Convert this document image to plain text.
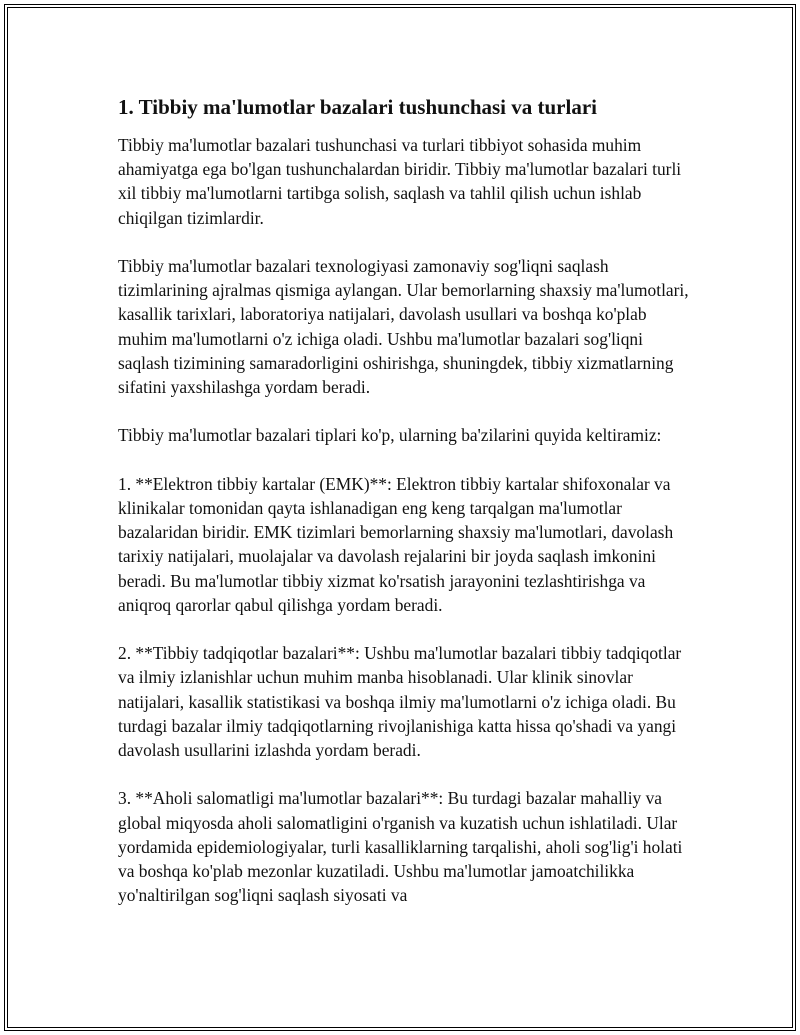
1. Tibbiy ma'lumotlar bazalari tushunchasi va turlari

Tibbiy ma'lumotlar bazalari tushunchasi va turlari tibbiyot sohasida muhim ahamiyatga ega bo'lgan tushunchalardan biridir. Tibbiy ma'lumotlar bazalari turli xil tibbiy ma'lumotlarni tartibga solish, saqlash va tahlil qilish uchun ishlab chiqilgan tizimlardir.

Tibbiy ma'lumotlar bazalari texnologiyasi zamonaviy sog'liqni saqlash tizimlarining ajralmas qismiga aylangan. Ular bemorlarning shaxsiy ma'lumotlari, kasallik tarixlari, laboratoriya natijalari, davolash usullari va boshqa ko'plab muhim ma'lumotlarni o'z ichiga oladi. Ushbu ma'lumotlar bazalari sog'liqni saqlash tizimining samaradorligini oshirishga, shuningdek, tibbiy xizmatlarning sifatini yaxshilashga yordam beradi.

Tibbiy ma'lumotlar bazalari tiplari ko'p, ularning ba'zilarini quyida keltiramiz:

1. **Elektron tibbiy kartalar (EMK)**: Elektron tibbiy kartalar shifoxonalar va klinikalar tomonidan qayta ishlanadigan eng keng tarqalgan ma'lumotlar bazalaridan biridir. EMK tizimlari bemorlarning shaxsiy ma'lumotlari, davolash tarixiy natijalari, muolajalar va davolash rejalarini bir joyda saqlash imkonini beradi. Bu ma'lumotlar tibbiy xizmat ko'rsatish jarayonini tezlashtirishga va aniqroq qarorlar qabul qilishga yordam beradi.

2. **Tibbiy tadqiqotlar bazalari**: Ushbu ma'lumotlar bazalari tibbiy tadqiqotlar va ilmiy izlanishlar uchun muhim manba hisoblanadi. Ular klinik sinovlar natijalari, kasallik statistikasi va boshqa ilmiy ma'lumotlarni o'z ichiga oladi. Bu turdagi bazalar ilmiy tadqiqotlarning rivojlanishiga katta hissa qo'shadi va yangi davolash usullarini izlashda yordam beradi.

3. **Aholi salomatligi ma'lumotlar bazalari**: Bu turdagi bazalar mahalliy va global miqyosda aholi salomatligini o'rganish va kuzatish uchun ishlatiladi. Ular yordamida epidemiologiyalar, turli kasalliklarning tarqalishi, aholi sog'lig'i holati va boshqa ko'plab mezonlar kuzatiladi. Ushbu ma'lumotlar jamoatchilikka yo'naltirilgan sog'liqni saqlash siyosati va
